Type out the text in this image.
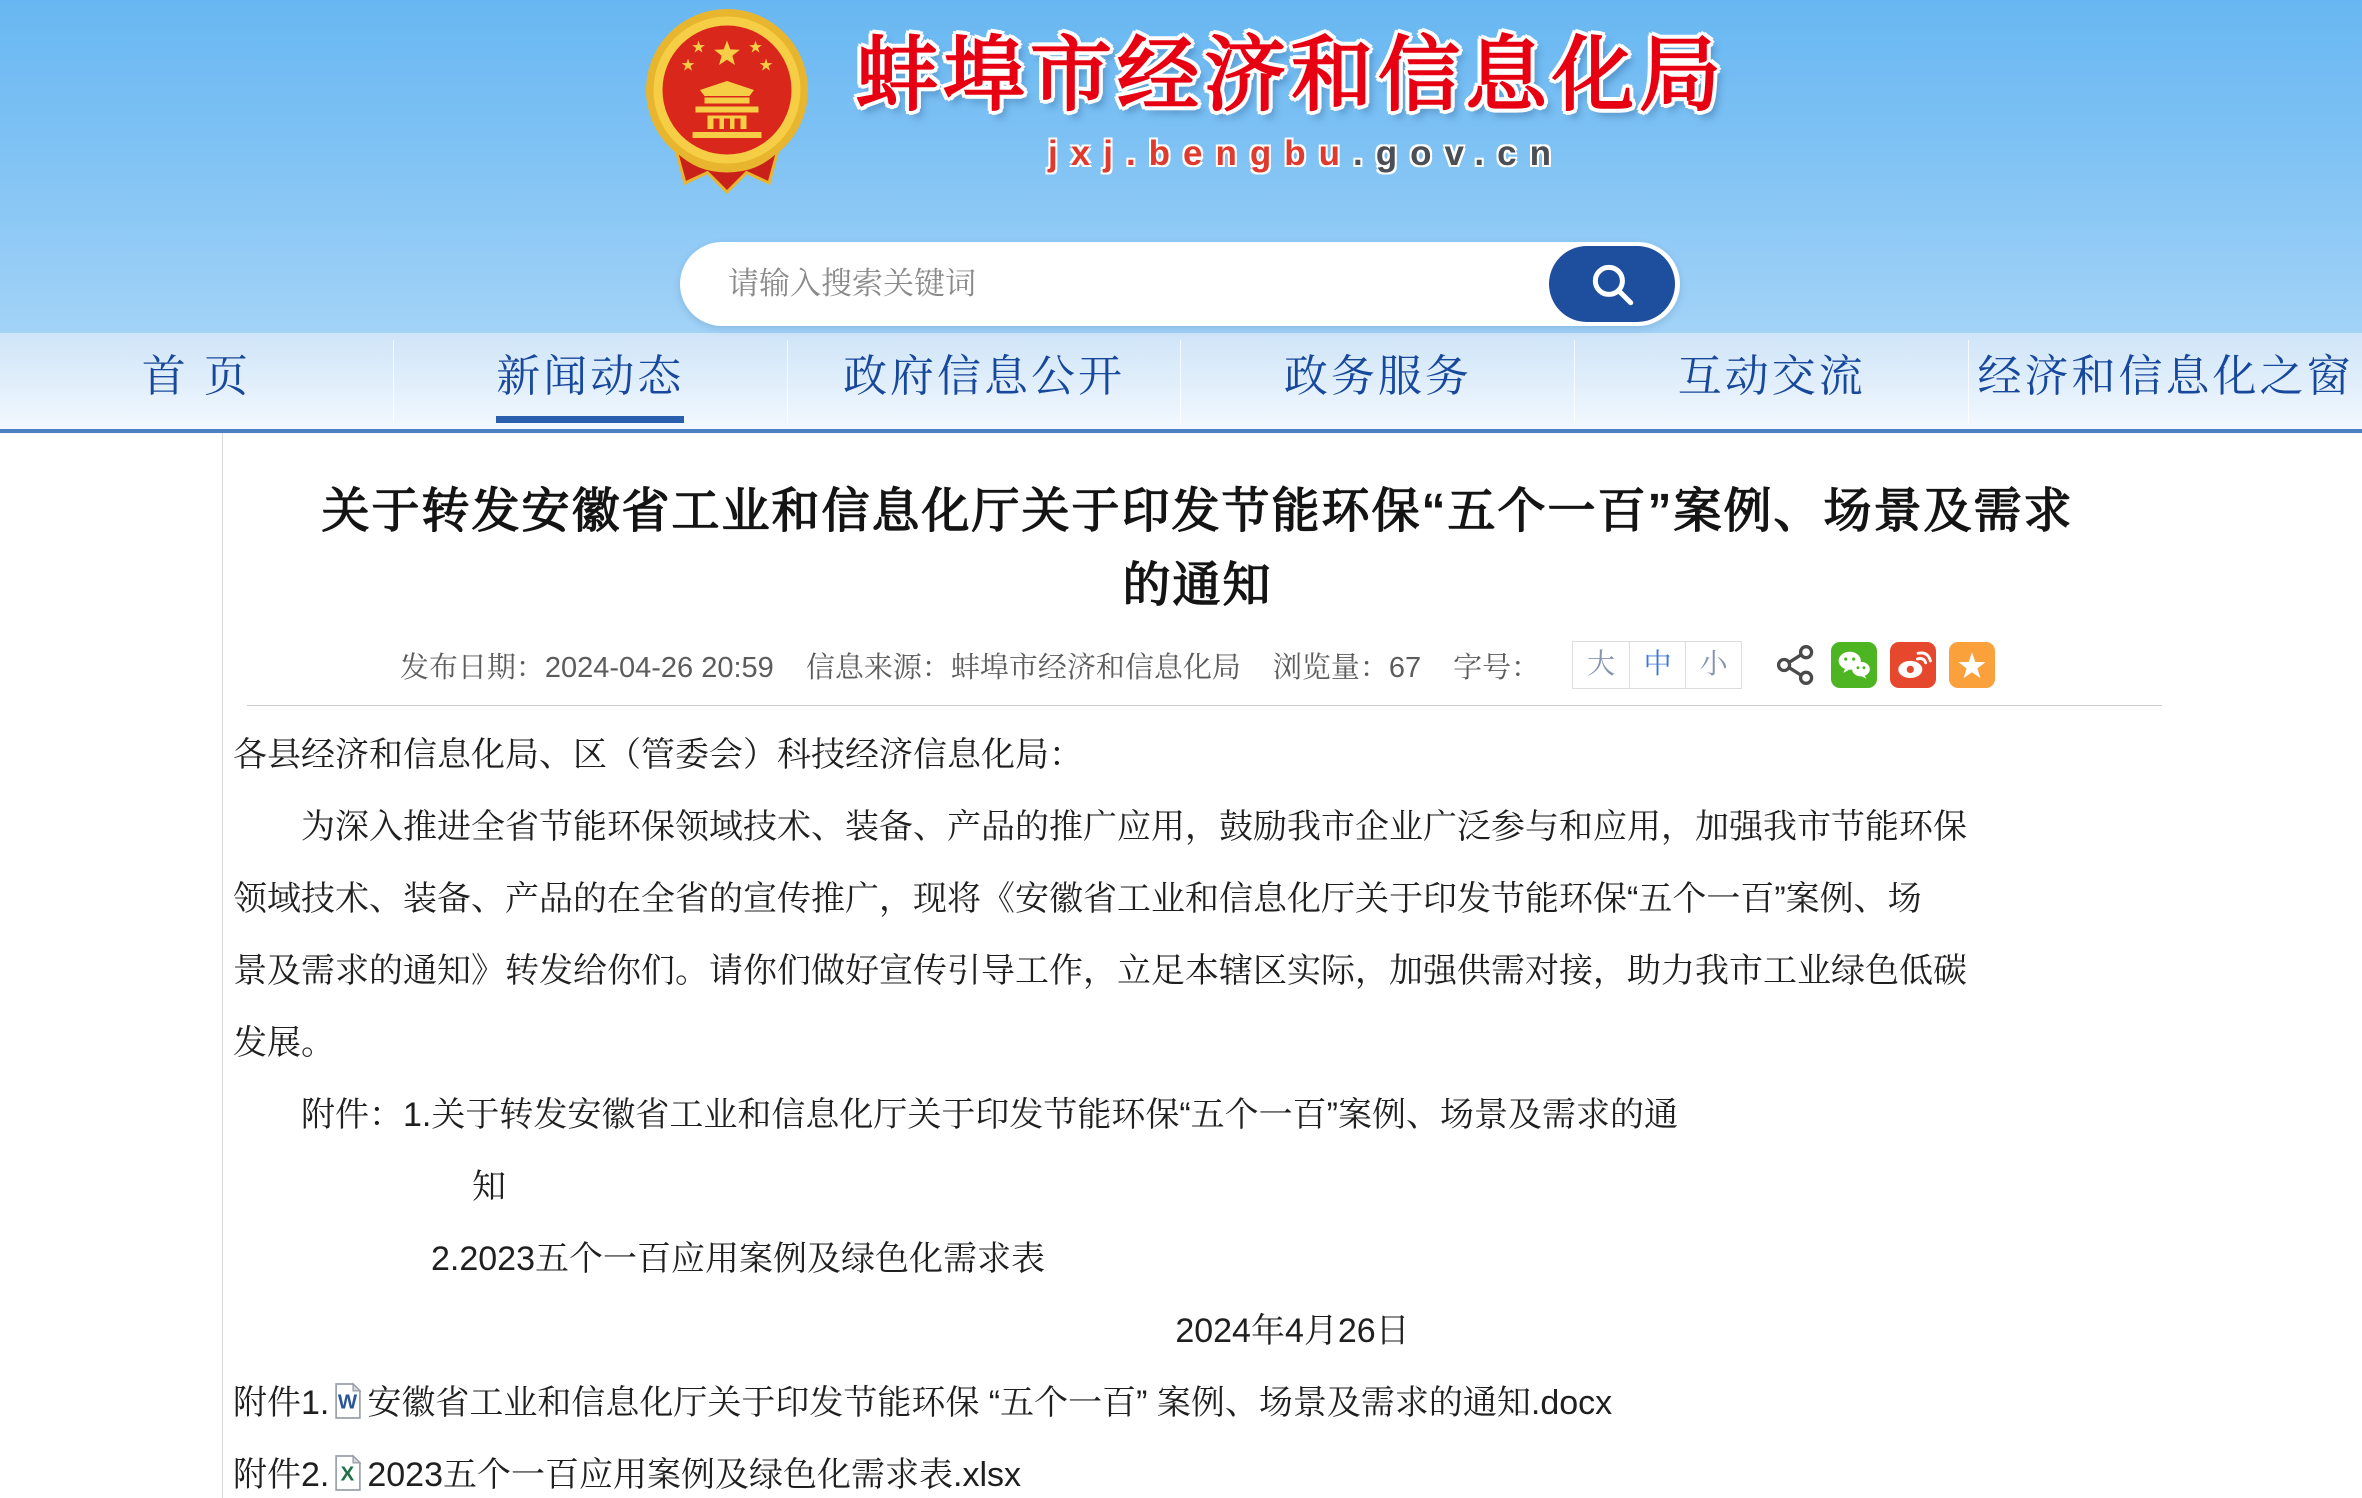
★
★
★
★ 蚌埠市经济和信息化局
jxj.bengbu.gov.cn
请输入搜索关键词
首 页	新闻动态	政府信息公开	政务服务	互动交流	经济和信息化之窗
关于转发安徽省工业和信息化厅关于印发节能环保“五个一百”案例、场景及需求
的通知
发布日期：2024-04-26 20:59 信息来源：蚌埠市经济和信息化局 浏览量：67 字号：	大	中 小
各县经济和信息化局、区（管委会）科技经济信息化局：
为深入推进全省节能环保领域技术、装备、产品的推广应用，鼓励我市企业广泛参与和应用，加强我市节能环保
领域技术、装备、产品的在全省的宣传推广，现将《安徽省工业和信息化厅关于印发节能环保“五个一百”案例、场
景及需求的通知》转发给你们。请你们做好宣传引导工作，立足本辖区实际，加强供需对接，助力我市工业绿色低碳
发展。
附件：1.关于转发安徽省工业和信息化厅关于印发节能环保“五个一百”案例、场景及需求的通
知
2.2023五个一百应用案例及绿色化需求表
2024年4月26日
附件1. W 安徽省工业和信息化厅关于印发节能环保 “五个一百” 案例、场景及需求的通知.docx
附件2. X 2023五个一百应用案例及绿色化需求表.xlsx
